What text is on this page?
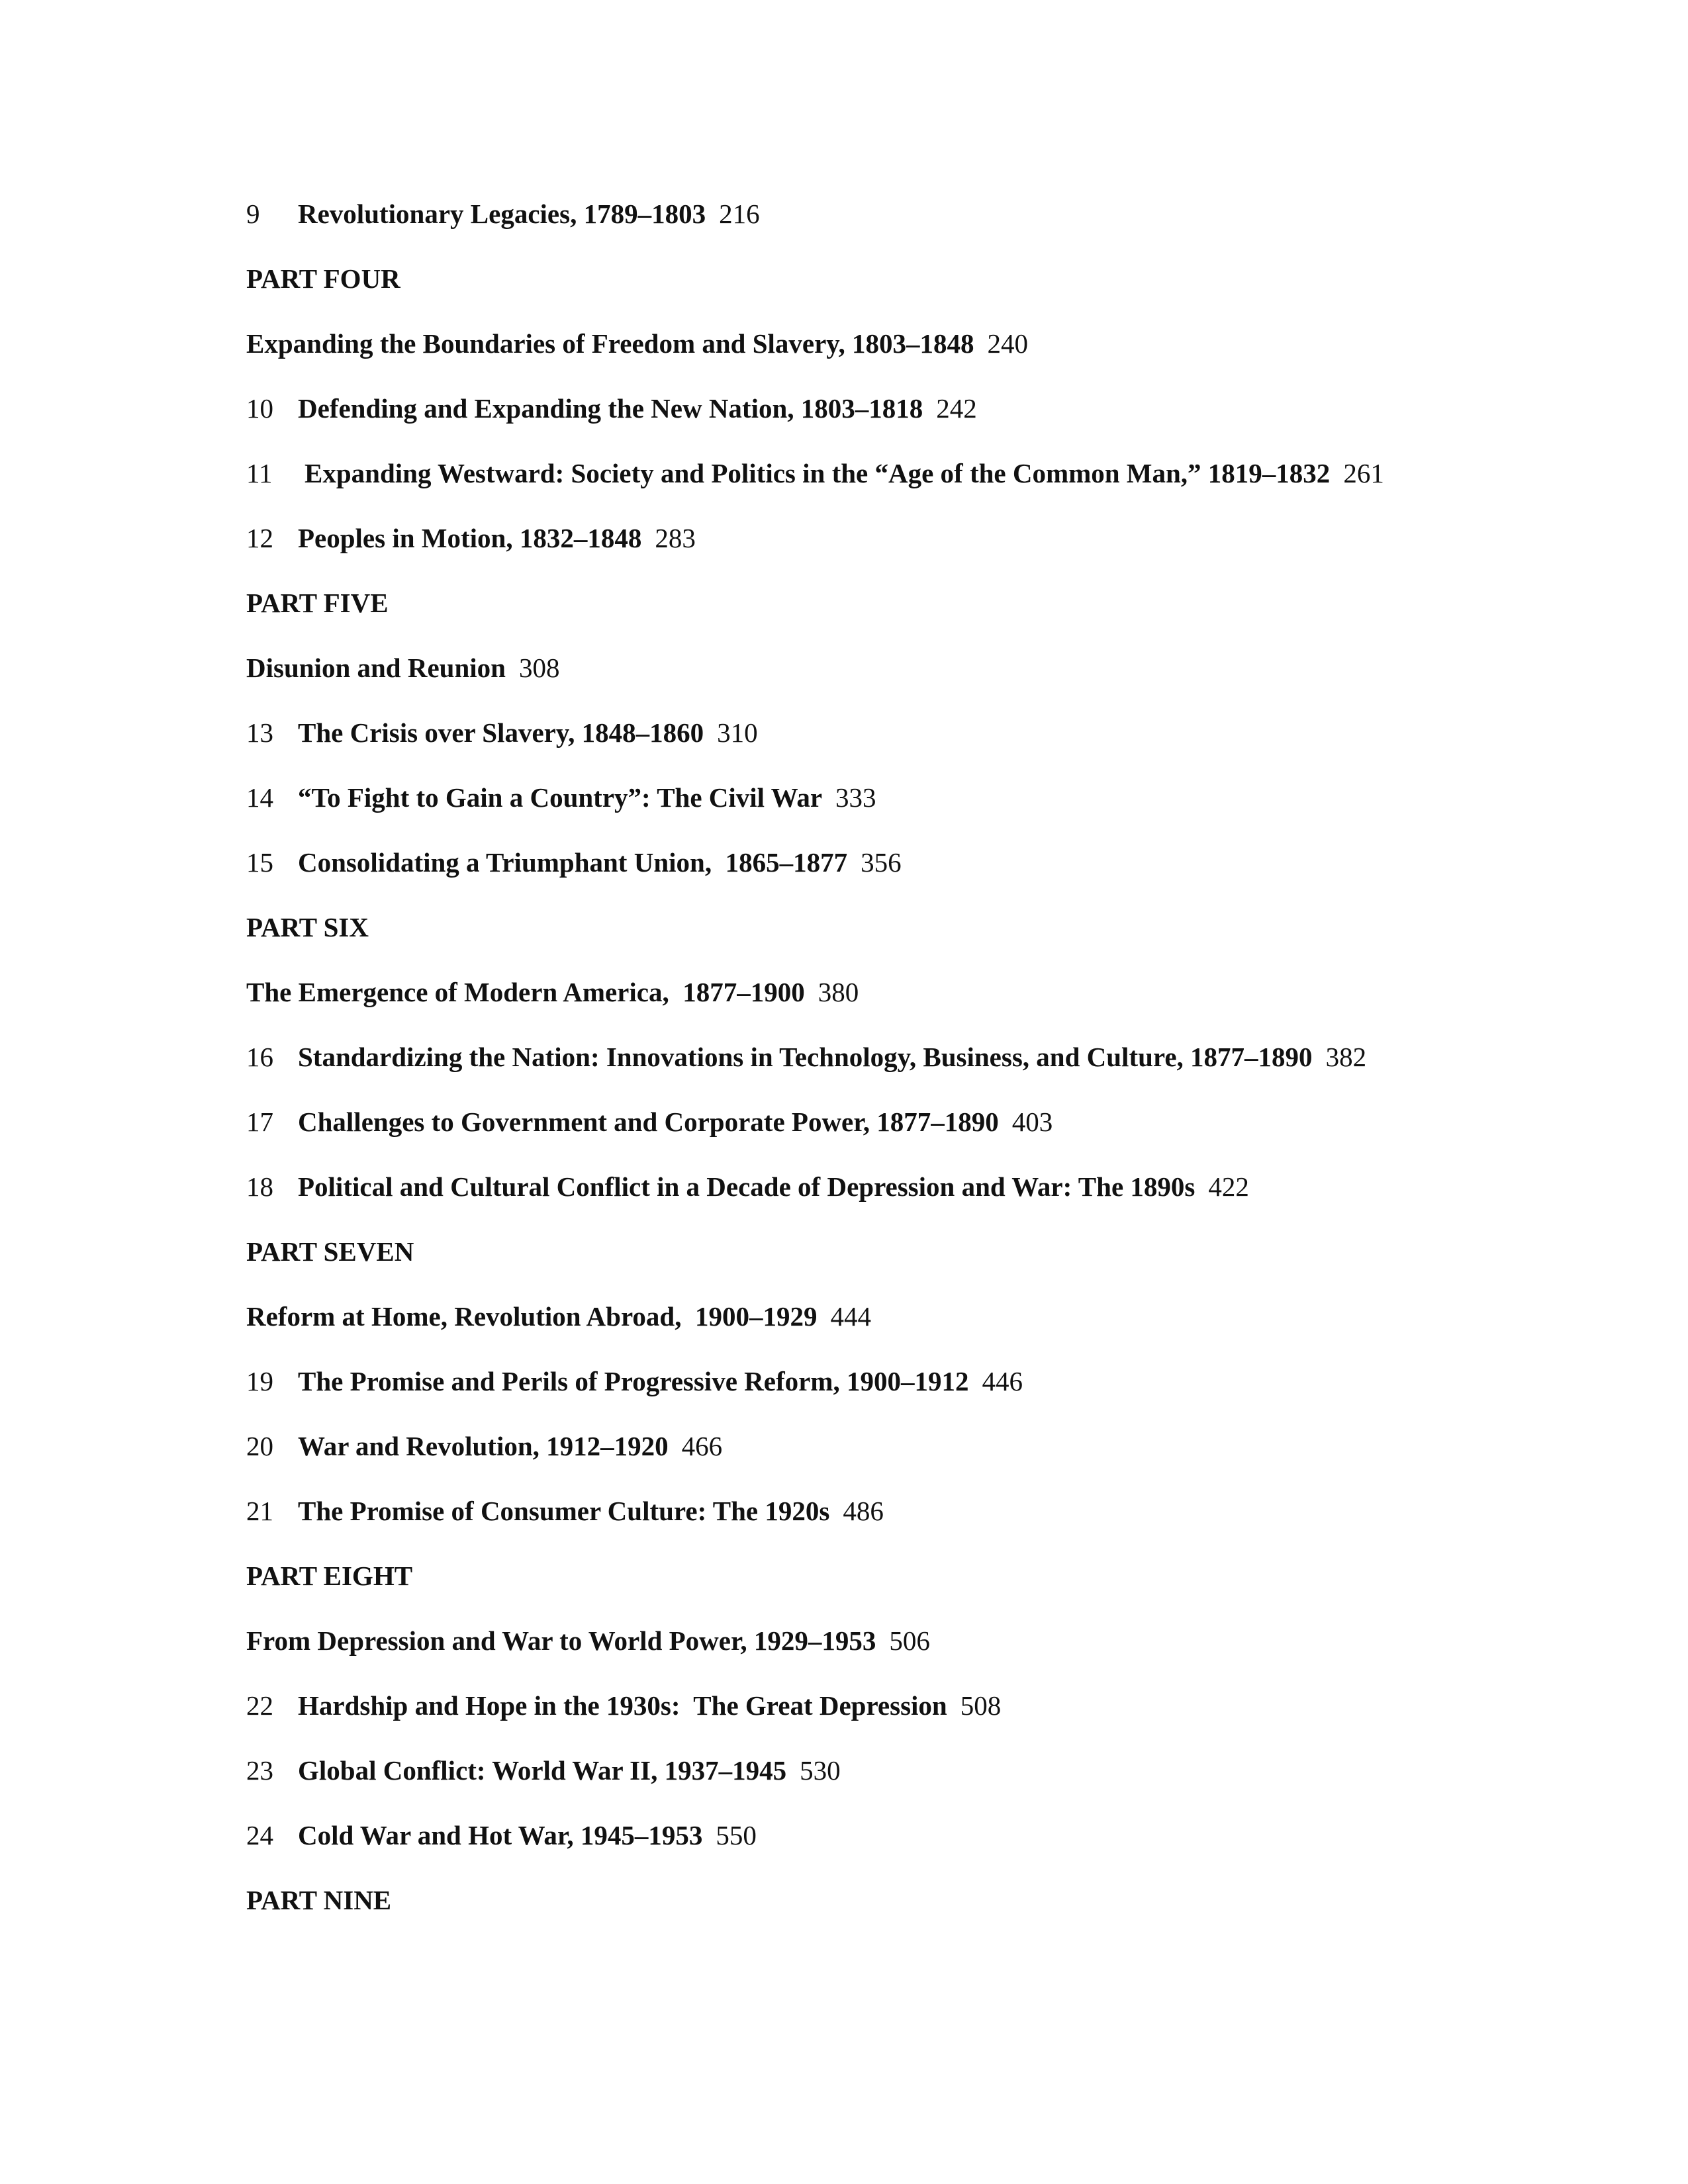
9 Revolutionary Legacies, 1789–1803 216
PART FOUR
Expanding the Boundaries of Freedom and Slavery, 1803–1848 240
10 Defending and Expanding the New Nation, 1803–1818 242
11 Expanding Westward: Society and Politics in the “Age of the Common Man,” 1819–1832 261
12 Peoples in Motion, 1832–1848 283
PART FIVE
Disunion and Reunion 308
13 The Crisis over Slavery, 1848–1860 310
14 “To Fight to Gain a Country”: The Civil War 333
15 Consolidating a Triumphant Union,  1865–1877 356
PART SIX
The Emergence of Modern America,  1877–1900 380
16 Standardizing the Nation: Innovations in Technology, Business, and Culture, 1877–1890 382
17 Challenges to Government and Corporate Power, 1877–1890 403
18 Political and Cultural Conflict in a Decade of Depression and War: The 1890s 422
PART SEVEN
Reform at Home, Revolution Abroad,  1900–1929 444
19 The Promise and Perils of Progressive Reform, 1900–1912 446
20 War and Revolution, 1912–1920 466
21 The Promise of Consumer Culture: The 1920s 486
PART EIGHT
From Depression and War to World Power, 1929–1953 506
22 Hardship and Hope in the 1930s:  The Great Depression 508
23 Global Conflict: World War II, 1937–1945 530
24 Cold War and Hot War, 1945–1953 550
PART NINE
